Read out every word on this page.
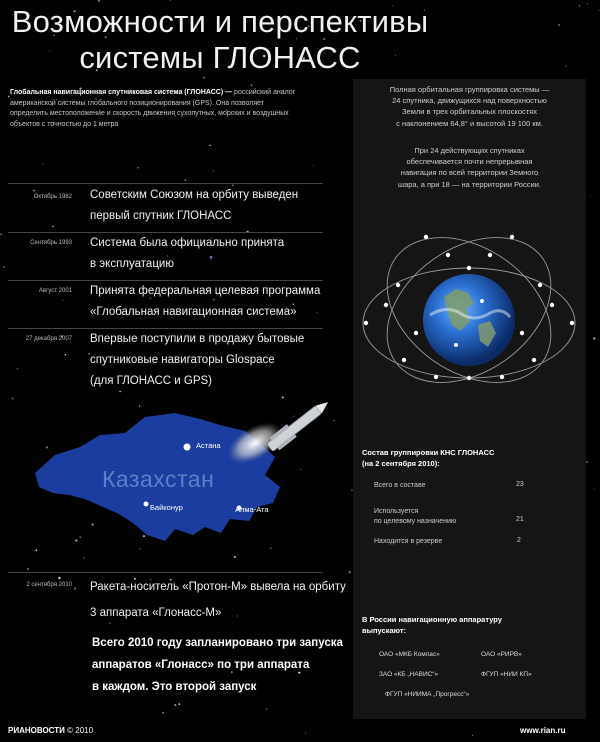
Возможности и перспективы
системы ГЛОНАСС
Глобальная навигационная спутниковая система (ГЛОНАСС) — российский аналог американской системы глобального позиционирования (GPS). Она позволяет определить местоположение и скорость движения сухопутных, морских и воздушных объектов с точностью до 1 метра
Октябрь 1982 Советским Союзом на орбиту выведен
первый спутник ГЛОНАСС
Сентябрь 1993 Система была официально принята
в эксплуатацию
Август 2001 Принята федеральная целевая программа
«Глобальная навигационная система»
27 декабря 2007 Впервые поступили в продажу бытовые
спутниковые навигаторы Glospace
(для ГЛОНАСС и GPS)
Казахстан
Астана
Байконур	Алма-Ата
2 сентября 2010 Ракета-носитель «Протон-М» вывела на орбиту
3 аппарата «Глонасс-М»
Всего 2010 году запланировано три запуска
аппаратов «Глонасс» по три аппарата
в каждом. Это второй запуск
Полная орбитальная группировка системы —
24 спутника, движущихся над поверхностью
Земли в трех орбитальных плоскостях
с наклонением 64,8° и высотой 19 100 км.
При 24 действующих спутниках
обеспечивается почти непрерывная
навигация по всей территории Земного
шара, а при 18 — на территории России.
Состав группировки КНС ГЛОНАСС
(на 2 сентября 2010):
Всего в составе	23
Используется
по целевому назначению	21
Находится в резерве	2
В России навигационную аппаратуру
выпускают:
ОАО «МКБ Компас»	ОАО «РИРВ»
ЗАО «КБ „НАВИС“»	ФГУП «НИИ КП»
ФГУП «НИИМА „Прогресс“»
РИАНОВОСТИ © 2010	www.rian.ru
